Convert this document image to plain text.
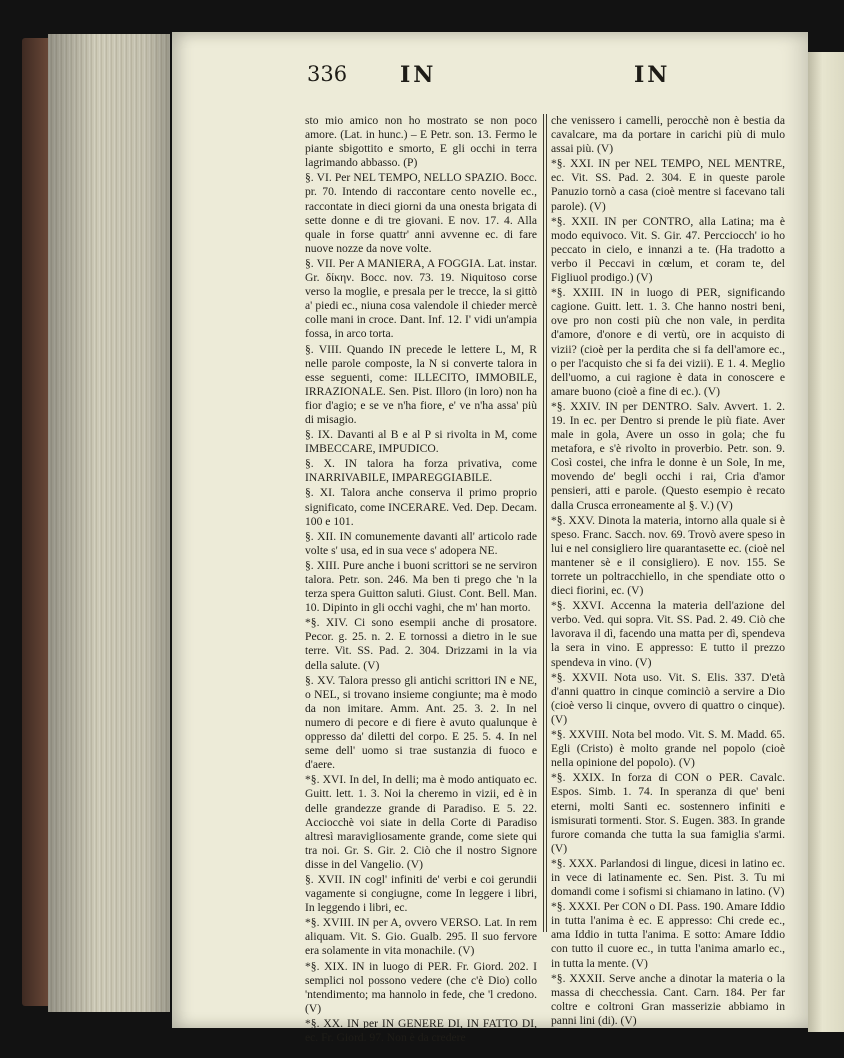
336 IN	IN

sto mio amico non ho mostrato se non poco amore. (Lat. in hunc.) – E Petr. son. 13. Fermo le piante sbigottito e smorto, E gli occhi in terra lagrimando abbasso. (P)

§. VI. Per NEL TEMPO, NELLO SPAZIO. Bocc. pr. 70. Intendo di raccontare cento novelle ec., raccontate in dieci giorni da una onesta brigata di sette donne e di tre giovani. E nov. 17. 4. Alla quale in forse quattr' anni avvenne ec. di fare nuove nozze da nove volte.

§. VII. Per A MANIERA, A FOGGIA. Lat. instar. Gr. δίκην. Bocc. nov. 73. 19. Niquitoso corse verso la moglie, e presala per le trecce, la si gittò a' piedi ec., niuna cosa valendole il chieder mercè colle mani in croce. Dant. Inf. 12. I' vidi un'ampia fossa, in arco torta.

§. VIII. Quando IN precede le lettere L, M, R nelle parole composte, la N si converte talora in esse seguenti, come: ILLECITO, IMMOBILE, IRRAZIONALE. Sen. Pist. Illoro (in loro) non ha fior d'agio; e se ve n'ha fiore, e' ve n'ha assa' più di misagio.

§. IX. Davanti al B e al P si rivolta in M, come IMBECCARE, IMPUDICO.

§. X. IN talora ha forza privativa, come INARRIVABILE, IMPAREGGIABILE.

§. XI. Talora anche conserva il primo proprio significato, come INCERARE. Ved. Dep. Decam. 100 e 101.

§. XII. IN comunemente davanti all' articolo rade volte s' usa, ed in sua vece s' adopera NE.

§. XIII. Pure anche i buoni scrittori se ne serviron talora. Petr. son. 246. Ma ben ti prego che 'n la terza spera Guitton saluti. Giust. Cont. Bell. Man. 10. Dipinto in gli occhi vaghi, che m' han morto.

*§. XIV. Ci sono esempii anche di prosatore. Pecor. g. 25. n. 2. E tornossi a dietro in le sue terre. Vit. SS. Pad. 2. 304. Drizzami in la via della salute. (V)

§. XV. Talora presso gli antichi scrittori IN e NE, o NEL, si trovano insieme congiunte; ma è modo da non imitare. Amm. Ant. 25. 3. 2. In nel numero di pecore e di fiere è avuto qualunque è oppresso da' diletti del corpo. E 25. 5. 4. In nel seme dell' uomo si trae sustanzia di fuoco e d'aere.

*§. XVI. In del, In delli; ma è modo antiquato ec. Guitt. lett. 1. 3. Noi la cheremo in vizii, ed è in delle grandezze grande di Paradiso. E 5. 22. Acciocchè voi siate in della Corte di Paradiso altresì maravigliosamente grande, come siete qui tra noi. Gr. S. Gir. 2. Ciò che il nostro Signore disse in del Vangelio. (V)

§. XVII. IN cogl' infiniti de' verbi e coi gerundii vagamente si congiugne, come In leggere i libri, In leggendo i libri, ec.

*§. XVIII. IN per A, ovvero VERSO. Lat. In rem aliquam. Vit. S. Gio. Gualb. 295. Il suo fervore era solamente in vita monachile. (V)

*§. XIX. IN in luogo di PER. Fr. Giord. 202. I semplici nol possono vedere (che c'è Dio) collo 'ntendimento; ma hannolo in fede, che 'l credono. (V)

*§. XX. IN per IN GENERE DI, IN FATTO DI, ec. Fr. Giord. 97. Non è da credere

che venissero i camelli, perocchè non è bestia da cavalcare, ma da portare in carichi più di mulo assai più. (V)

*§. XXI. IN per NEL TEMPO, NEL MENTRE, ec. Vit. SS. Pad. 2. 304. E in queste parole Panuzio tornò a casa (cioè mentre si facevano tali parole). (V)

*§. XXII. IN per CONTRO, alla Latina; ma è modo equivoco. Vit. S. Gir. 47. Percciocch' io ho peccato in cielo, e innanzi a te. (Ha tradotto a verbo il Peccavi in cœlum, et coram te, del Figliuol prodigo.) (V)

*§. XXIII. IN in luogo di PER, significando cagione. Guitt. lett. 1. 3. Che hanno nostri beni, ove pro non costi più che non vale, in perdita d'amore, d'onore e di vertù, ore in acquisto di vizii? (cioè per la perdita che si fa dell'amore ec., o per l'acquisto che si fa dei vizii). E 1. 4. Meglio dell'uomo, a cui ragione è data in conoscere e amare buono (cioè a fine di ec.). (V)

*§. XXIV. IN per DENTRO. Salv. Avvert. 1. 2. 19. In ec. per Dentro si prende le più fiate. Aver male in gola, Avere un osso in gola; che fu metafora, e s'è rivolto in proverbio. Petr. son. 9. Così costei, che infra le donne è un Sole, In me, movendo de' begli occhi i rai, Cria d'amor pensieri, atti e parole. (Questo esempio è recato dalla Crusca erroneamente al §. V.) (V)

*§. XXV. Dinota la materia, intorno alla quale si è speso. Franc. Sacch. nov. 69. Trovò avere speso in lui e nel consigliero lire quarantasette ec. (cioè nel mantener sè e il consigliero). E nov. 155. Se torrete un poltracchiello, in che spendiate otto o dieci fiorini, ec. (V)

*§. XXVI. Accenna la materia dell'azione del verbo. Ved. qui sopra. Vit. SS. Pad. 2. 49. Ciò che lavorava il dì, facendo una matta per dì, spendeva la sera in vino. E appresso: E tutto il prezzo spendeva in vino. (V)

*§. XXVII. Nota uso. Vit. S. Elis. 337. D'età d'anni quattro in cinque cominciò a servire a Dio (cioè verso li cinque, ovvero di quattro o cinque). (V)

*§. XXVIII. Nota bel modo. Vit. S. M. Madd. 65. Egli (Cristo) è molto grande nel popolo (cioè nella opinione del popolo). (V)

*§. XXIX. In forza di CON o PER. Cavalc. Espos. Simb. 1. 74. In speranza di que' beni eterni, molti Santi ec. sostennero infiniti e ismisurati tormenti. Stor. S. Eugen. 383. In grande furore comanda che tutta la sua famiglia s'armi. (V)

*§. XXX. Parlandosi di lingue, dicesi in latino ec. in vece di latinamente ec. Sen. Pist. 3. Tu mi domandi come i sofismi si chiamano in latino. (V)

*§. XXXI. Per CON o DI. Pass. 190. Amare Iddio in tutta l'anima è ec. E appresso: Chi crede ec., ama Iddio in tutta l'anima. E sotto: Amare Iddio con tutto il cuore ec., in tutta l'anima amarlo ec., in tutta la mente. (V)

*§. XXXII. Serve anche a dinotar la materia o la massa di checchessia. Cant. Carn. 184. Per far coltre e coltroni Gran masserizie abbiamo in panni lini (di). (V)
